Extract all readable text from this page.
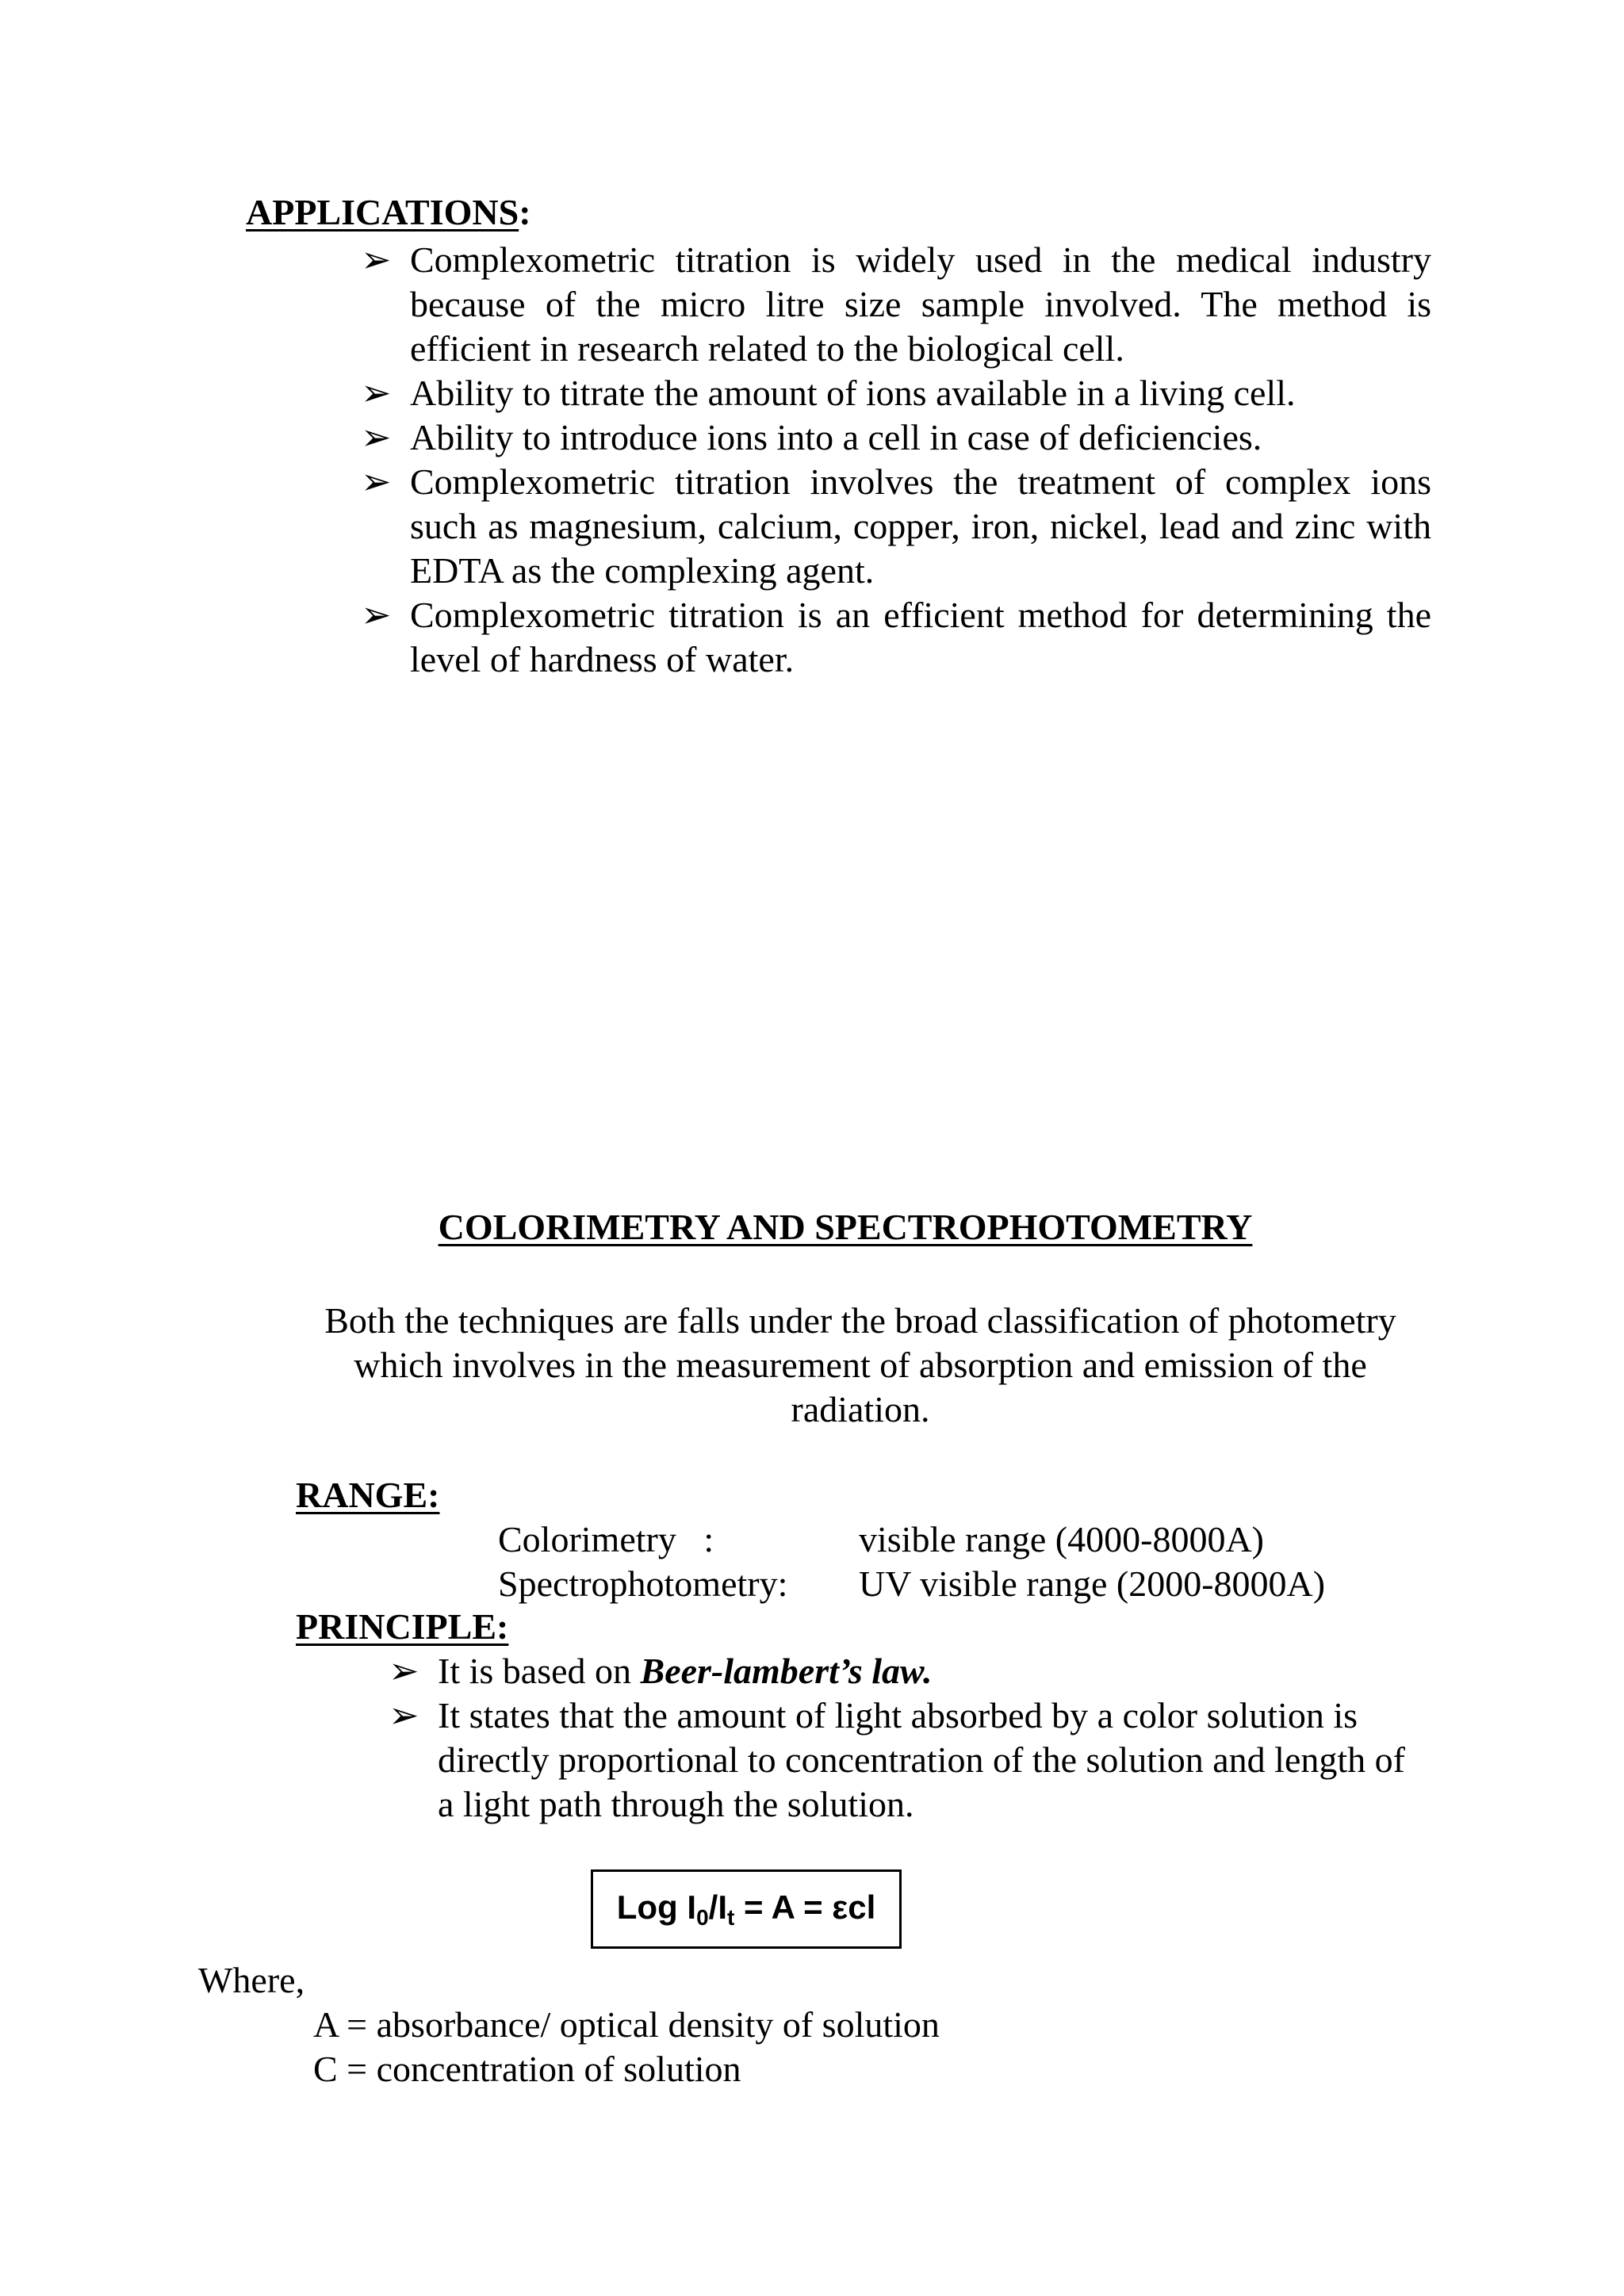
APPLICATIONS:
➢ Complexometric titration is widely used in the medical industry because of the micro litre size sample involved. The method is efficient in research related to the biological cell.
➢ Ability to titrate the amount of ions available in a living cell.
➢ Ability to introduce ions into a cell in case of deficiencies.
➢ Complexometric titration involves the treatment of complex ions such as magnesium, calcium, copper, iron, nickel, lead and zinc with EDTA as the complexing agent.
➢ Complexometric titration is an efficient method for determining the level of hardness of water.
COLORIMETRY AND SPECTROPHOTOMETRY
Both the techniques are falls under the broad classification of photometry which involves in the measurement of absorption and emission of the radiation.
RANGE:
Colorimetry   :	visible range (4000-8000A)
Spectrophotometry: UV visible range (2000-8000A)
PRINCIPLE:
➢ It is based on Beer-lambert’s law.
➢ It states that the amount of light absorbed by a color solution is directly proportional to concentration of the solution and length of a light path through the solution.
Log $I_0/I_t = A = \varepsilon cl$
Where,
A = absorbance/ optical density of solution
C = concentration of solution
